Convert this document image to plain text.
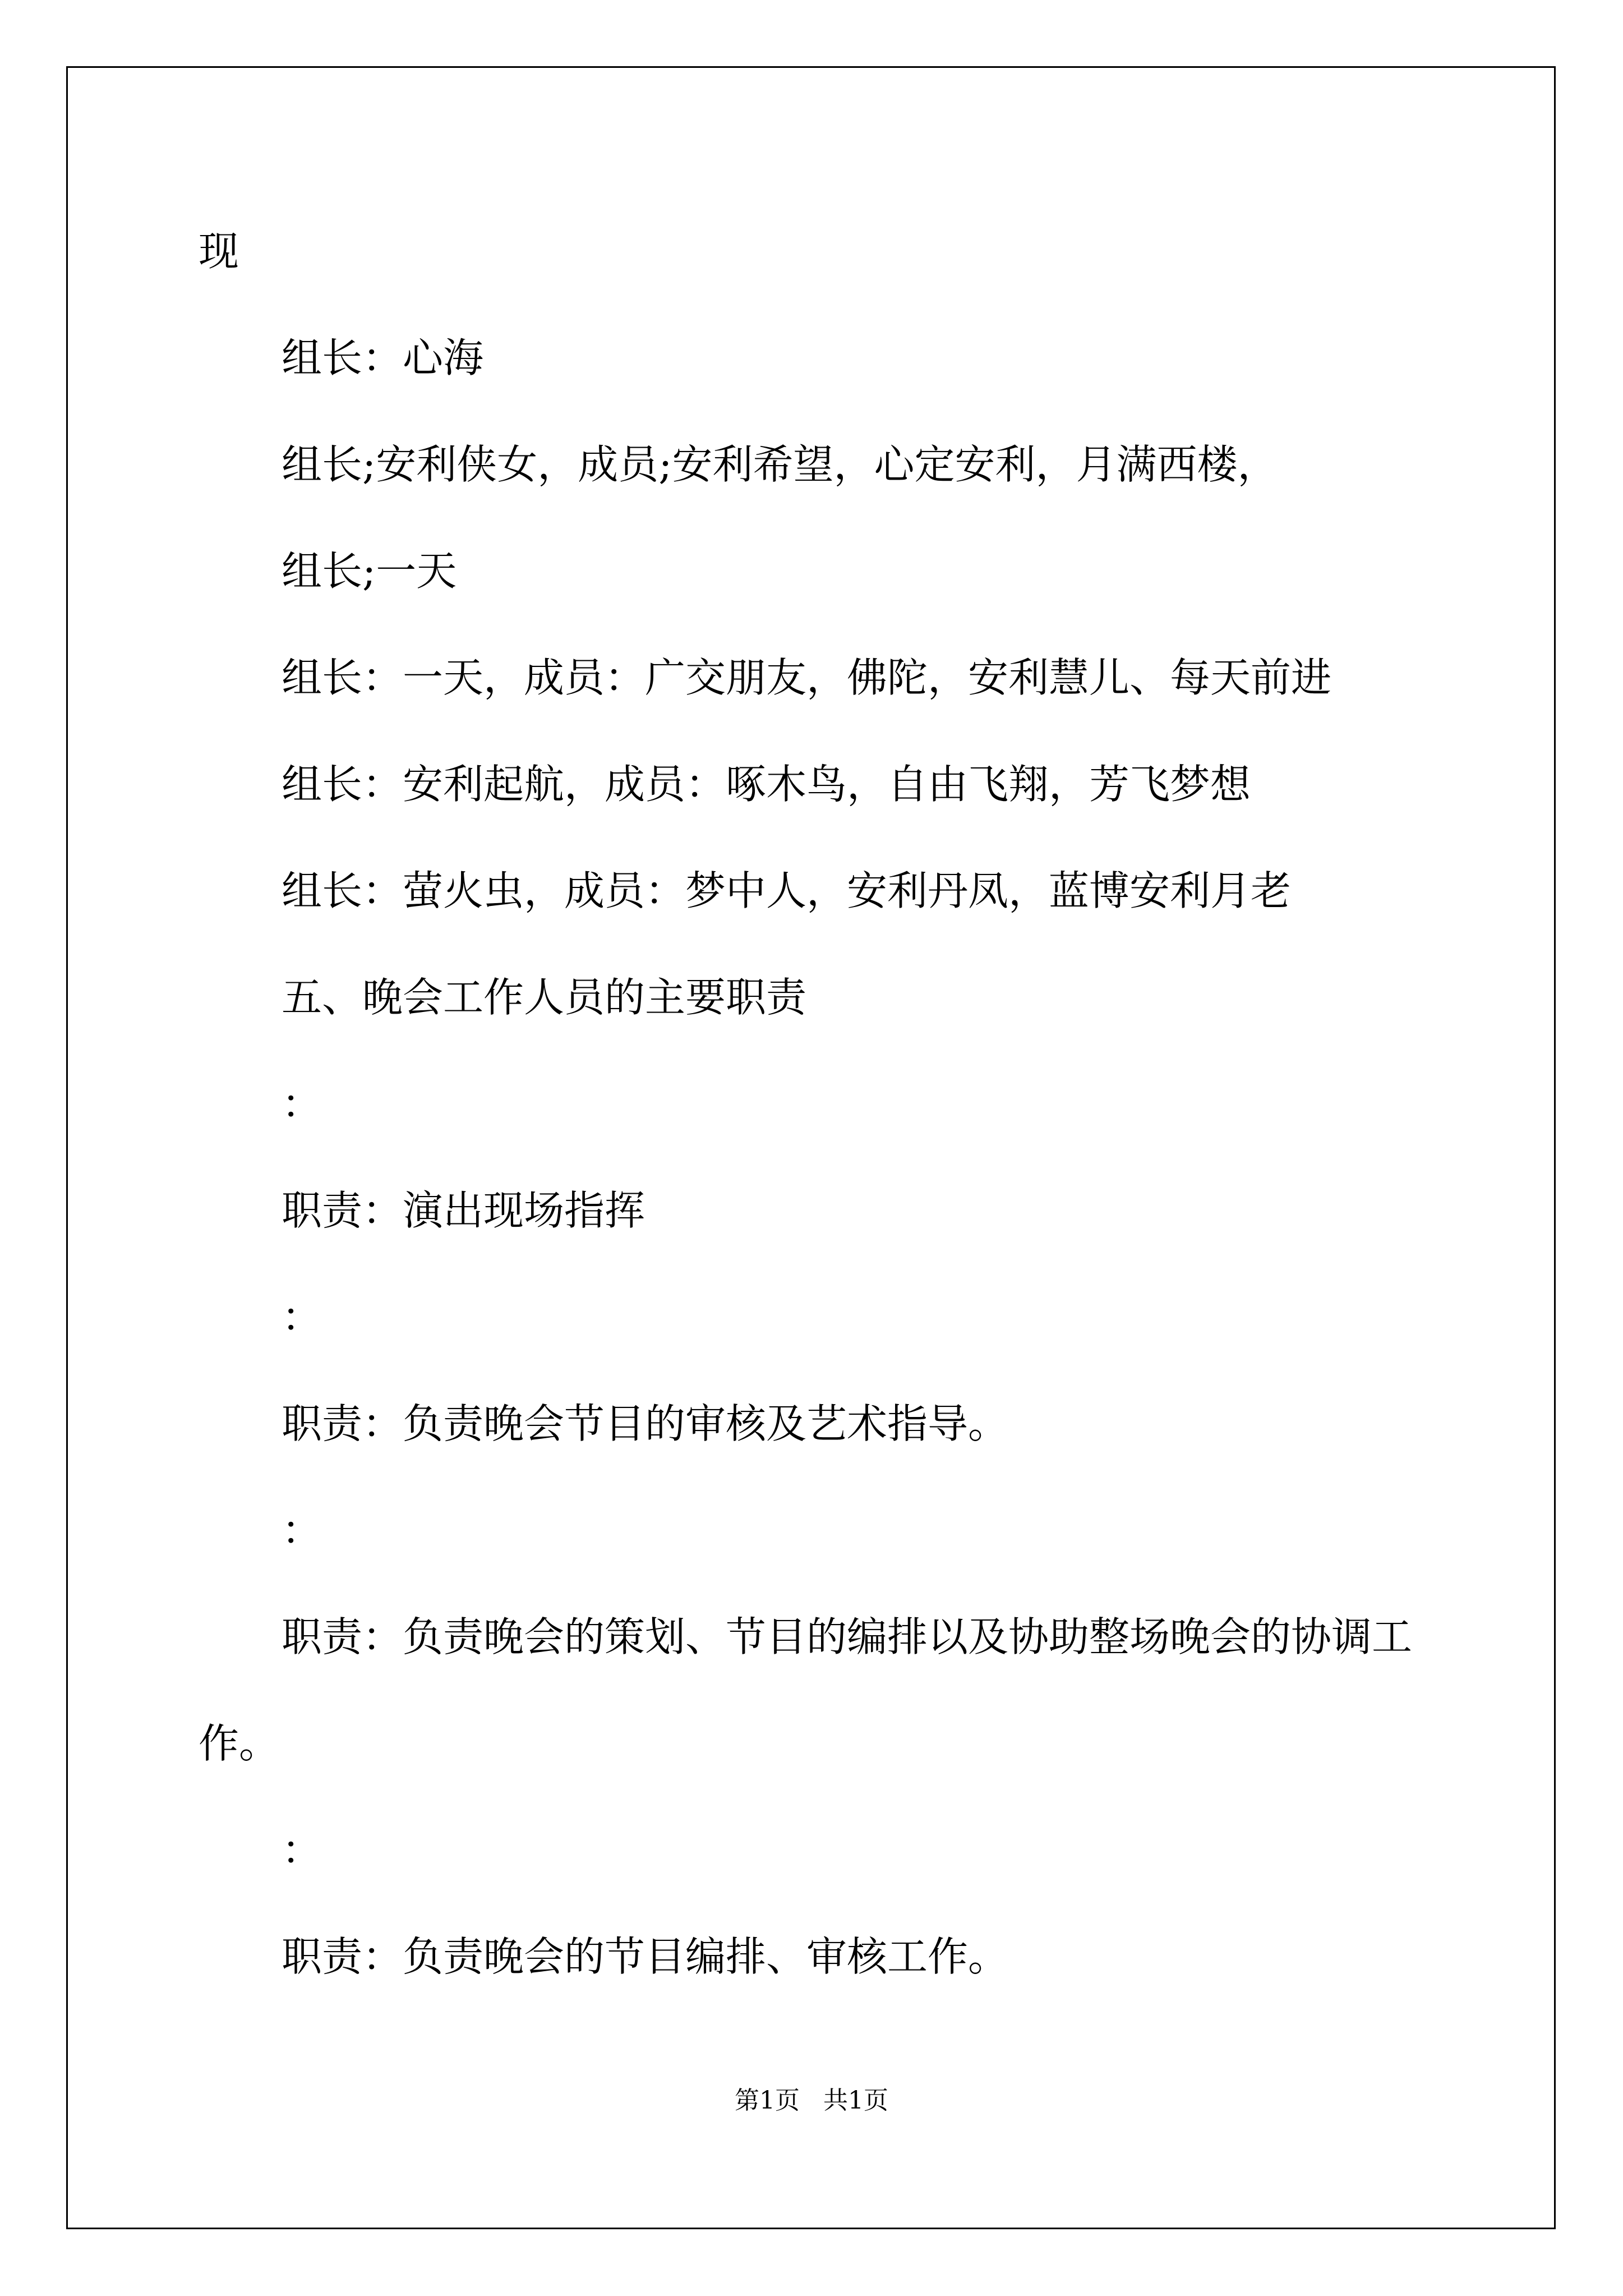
现
组长：心海
组长;安利侠女，成员;安利希望，心定安利，月满西楼，
组长;一天
组长：一天，成员：广交朋友，佛陀，安利慧儿、每天前进
组长：安利起航，成员：啄木鸟，自由飞翔，芳飞梦想
组长：萤火虫，成员：梦中人，安利丹凤，蓝博安利月老
五、晚会工作人员的主要职责
：
职责：演出现场指挥
：
职责：负责晚会节目的审核及艺术指导。
：
职责：负责晚会的策划、节目的编排以及协助整场晚会的协调工
作。
：
职责：负责晚会的节目编排、审核工作。
第1页   共1页
